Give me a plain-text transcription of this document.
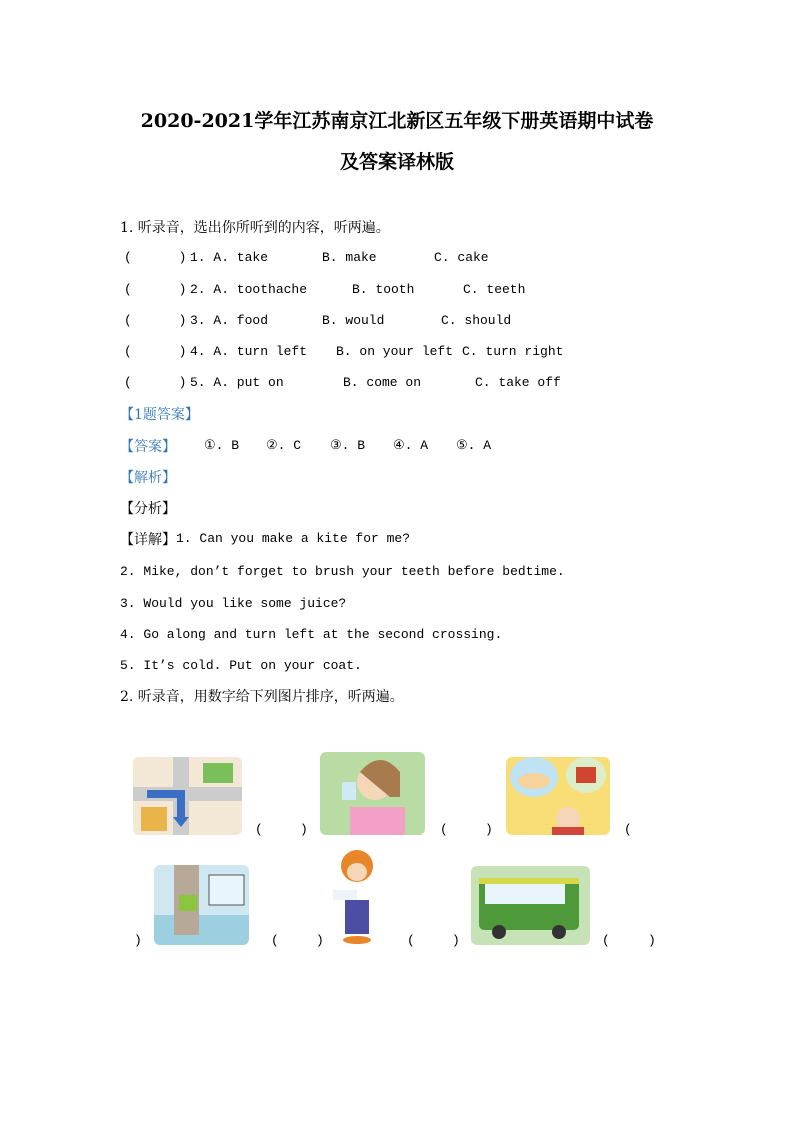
2020-2021学年江苏南京江北新区五年级下册英语期中试卷
及答案译林版
1. 听录音，选出你所听到的内容，听两遍。
【1题答案】
【答案】 ①. B ②. C ③. B ④. A ⑤. A
【解析】
【分析】
【详解】 1. Can you make a kite for me?
2. Mike, don’t forget to brush your teeth before bedtime.
3. Would you like some juice?
4. Go along and turn left at the second crossing.
5. It’s cold. Put on your coat.
2. 听录音，用数字给下列图片排序，听两遍。
(	)	(	)	(
)	(	)	(	)	(	)
(      ) 1. A. take	B. make	C. cake
(      ) 2. A. toothache	B. tooth	C. teeth
(      ) 3. A. food	B. would	C. should
(      ) 4. A. turn left B. on your left C. turn right
(      ) 5. A. put on	B. come on	C. take off
